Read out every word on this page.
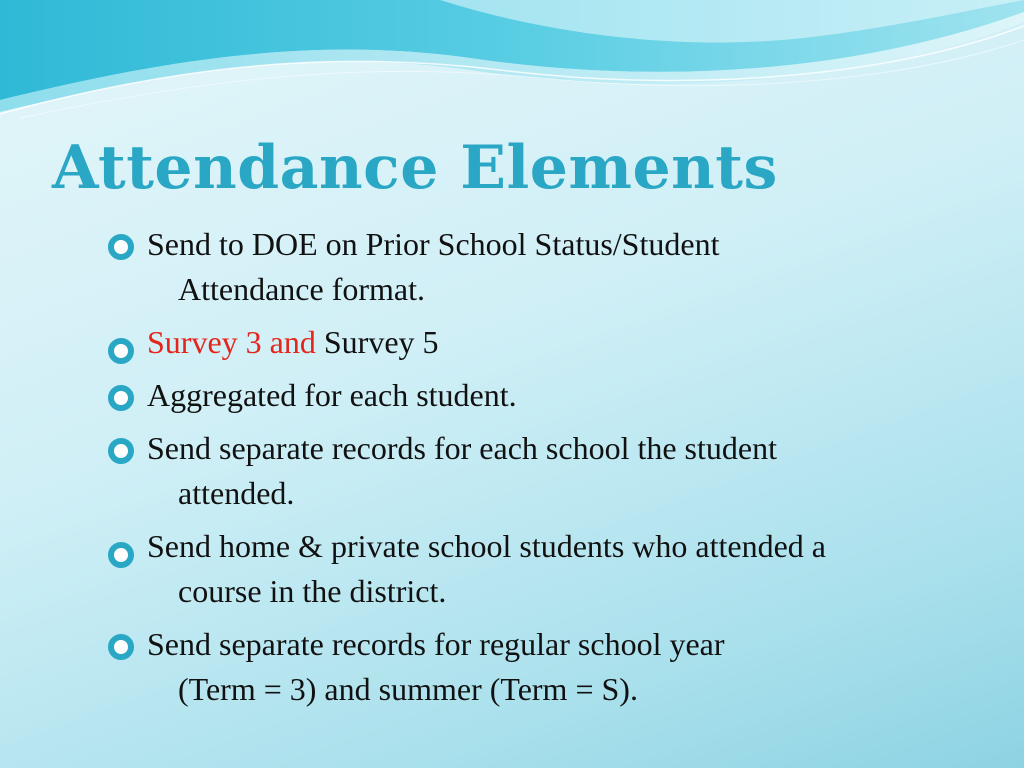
Attendance Elements
Send to DOE on Prior School Status/Student
Attendance format.
Survey 3 and Survey 5
Aggregated for each student.
Send separate records for each school the student
attended.
Send home & private school students who attended a
course in the district.
Send separate records for regular school year
(Term = 3) and summer (Term = S).
